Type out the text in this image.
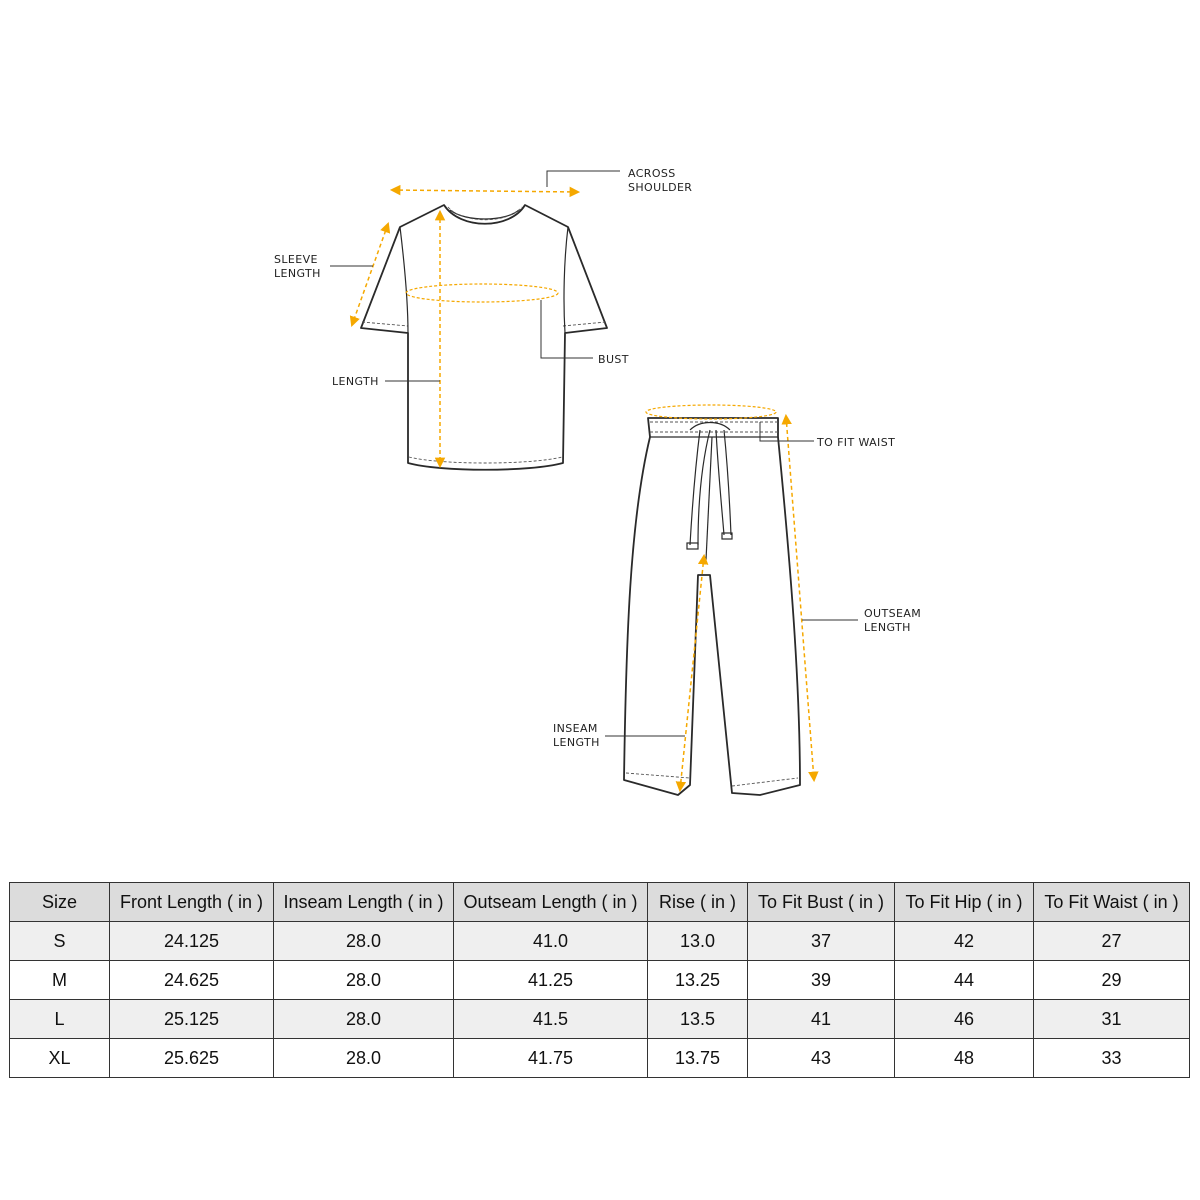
ACROSS SHOULDER
SLEEVE LENGTH
BUST
LENGTH
TO FIT WAIST
OUTSEAM LENGTH
INSEAM LENGTH
Size	Front Length ( in )	Inseam Length ( in )	Outseam Length ( in )	Rise ( in )	To Fit Bust ( in )	To Fit Hip ( in )	To Fit Waist ( in )
S	24.125	28.0	41.0	13.0	37	42	27
M	24.625	28.0	41.25	13.25	39	44	29
L	25.125	28.0	41.5	13.5	41	46	31
XL	25.625	28.0	41.75	13.75	43	48	33
